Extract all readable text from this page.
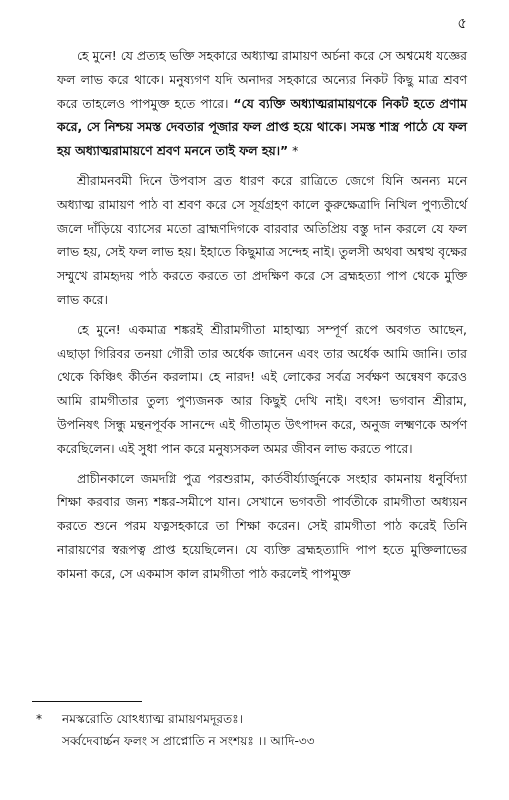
৫

হে মুনে! যে প্রত্যহ ভক্তি সহকারে অধ্যাত্ম রামায়ণ অর্চনা করে সে অশ্বমেধ যজ্ঞের ফল লাভ করে থাকে। মনুষ্যগণ যদি অনাদর সহকারে অন্যের নিকট কিছু মাত্র শ্রবণ করে তাহলেও পাপমুক্ত হতে পারে। “যে ব্যক্তি অধ্যাত্মরামায়ণকে নিকট হতে প্রণাম করে, সে নিশ্চয় সমস্ত দেবতার পূজার ফল প্রাপ্ত হয়ে থাকে। সমস্ত শাস্ত্র পাঠে যে ফল হয় অধ্যাত্মরামায়ণে শ্রবণ মননে তাই ফল হয়।” *

শ্রীরামনবমী দিনে উপবাস ব্রত ধারণ করে রাত্রিতে জেগে যিনি অনন্য মনে অধ্যাত্ম রামায়ণ পাঠ বা শ্রবণ করে সে সূর্যগ্রহণ কালে কুরুক্ষেত্রাদি নিখিল পুণ্যতীর্থে জলে দাঁড়িয়ে ব্যাসের মতো ব্রাহ্মণদিগকে বারবার অতিপ্রিয় বস্তু দান করলে যে ফল লাভ হয়, সেই ফল লাভ হয়। ইহাতে কিছুমাত্র সন্দেহ নাই। তুলসী অথবা অশ্বত্থ বৃক্ষের সম্মুখে রামহৃদয় পাঠ করতে করতে তা প্রদক্ষিণ করে সে ব্রহ্মহত্যা পাপ থেকে মুক্তি লাভ করে।

হে মুনে! একমাত্র শঙ্করই শ্রীরামগীতা মাহাত্ম্য সম্পূর্ণ রূপে অবগত আছেন, এছাড়া গিরিবর তনয়া গৌরী তার অর্ধেক জানেন এবং তার অর্ধেক আমি জানি। তার থেকে কিঞ্চিৎ কীর্তন করলাম। হে নারদ! এই লোকের সর্বত্র সর্বক্ষণ অন্বেষণ করেও আমি রামগীতার তুল্য পুণ্যজনক আর কিছুই দেখি নাই। বৎস! ভগবান শ্রীরাম, উপনিষৎ সিন্ধু মন্থনপূর্বক সানন্দে এই গীতামৃত উৎপাদন করে, অনুজ লক্ষ্মণকে অর্পণ করেছিলেন। এই সুধা পান করে মনুষ্যসকল অমর জীবন লাভ করতে পারে।

প্রাচীনকালে জমদগ্নি পুত্র পরশুরাম, কার্তবীর্য্যার্জুনকে সংহার কামনায় ধনুর্বিদ্যা শিক্ষা করবার জন্য শঙ্কর-সমীপে যান। সেখানে ভগবতী পার্বতীকে রামগীতা অধ্যয়ন করতে শুনে পরম যত্নসহকারে তা শিক্ষা করেন। সেই রামগীতা পাঠ করেই তিনি নারায়ণের স্বরূপত্ব প্রাপ্ত হয়েছিলেন। যে ব্যক্তি ব্রহ্মহত্যাদি পাপ হতে মুক্তিলাভের কামনা করে, সে একমাস কাল রামগীতা পাঠ করলেই পাপমুক্ত

* নমস্করোতি যোঽধ্যাত্ম রামায়ণমদূরতঃ।
সর্ব্বদেবার্চ্চন ফলং স প্রাপ্নোতি ন সংশয়ঃ ।। আদি-৩৩
